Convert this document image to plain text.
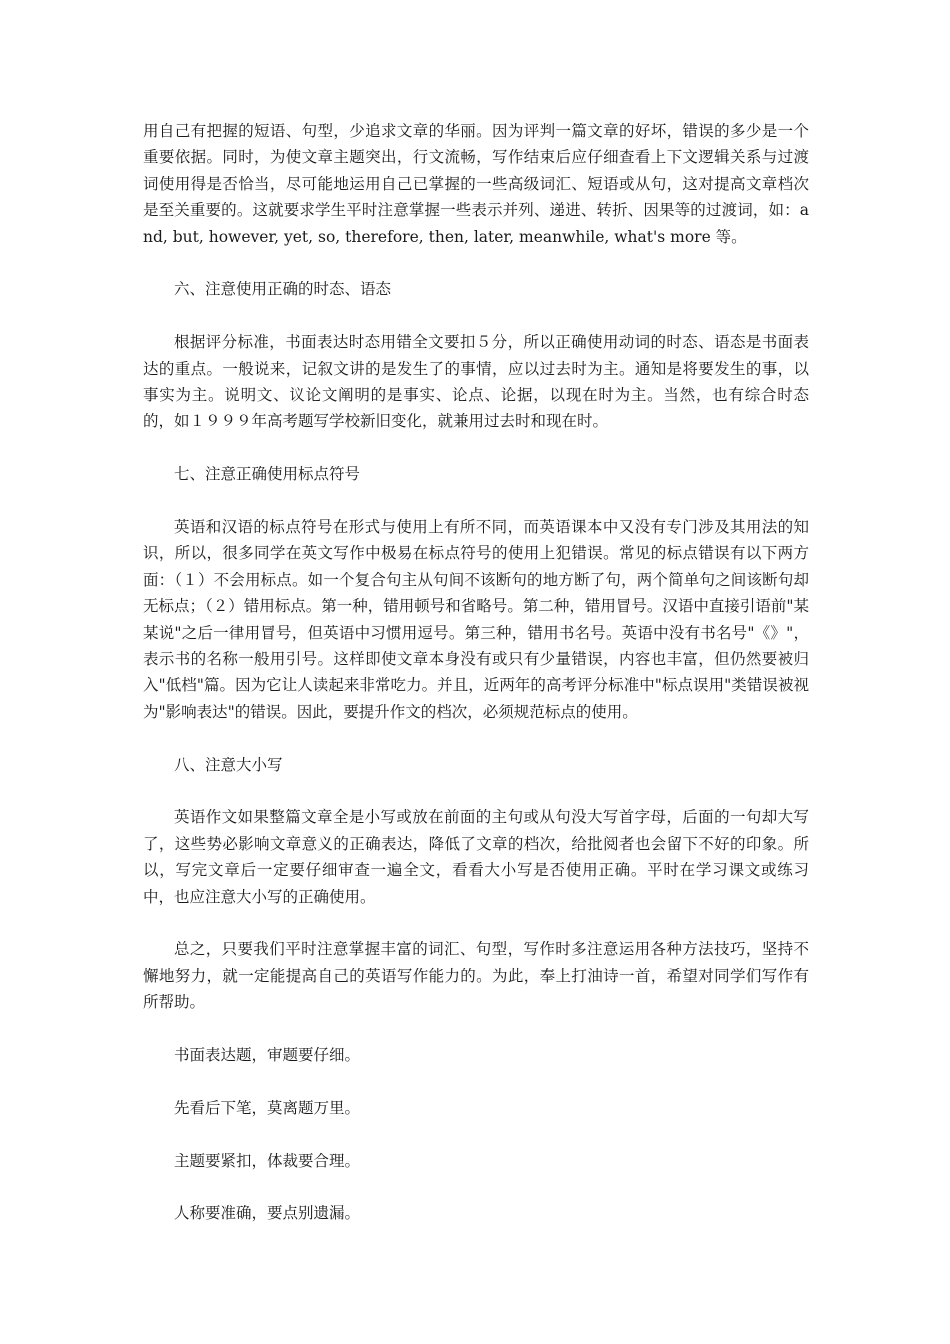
用自己有把握的短语、句型，少追求文章的华丽。因为评判一篇文章的好坏，错误的多少是一个重要依据。同时，为使文章主题突出，行文流畅，写作结束后应仔细查看上下文逻辑关系与过渡词使用得是否恰当，尽可能地运用自己已掌握的一些高级词汇、短语或从句，这对提高文章档次是至关重要的。这就要求学生平时注意掌握一些表示并列、递进、转折、因果等的过渡词，如：and, but, however, yet, so, therefore, then, later, meanwhile, what's more 等。

六、注意使用正确的时态、语态

根据评分标准，书面表达时态用错全文要扣５分，所以正确使用动词的时态、语态是书面表达的重点。一般说来，记叙文讲的是发生了的事情，应以过去时为主。通知是将要发生的事，以事实为主。说明文、议论文阐明的是事实、论点、论据，以现在时为主。当然，也有综合时态的，如１９９９年高考题写学校新旧变化，就兼用过去时和现在时。

七、注意正确使用标点符号

英语和汉语的标点符号在形式与使用上有所不同，而英语课本中又没有专门涉及其用法的知识，所以，很多同学在英文写作中极易在标点符号的使用上犯错误。常见的标点错误有以下两方面：（１）不会用标点。如一个复合句主从句间不该断句的地方断了句，两个简单句之间该断句却无标点；（２）错用标点。第一种，错用顿号和省略号。第二种，错用冒号。汉语中直接引语前"某某说"之后一律用冒号，但英语中习惯用逗号。第三种，错用书名号。英语中没有书名号"《》"，表示书的名称一般用引号。这样即使文章本身没有或只有少量错误，内容也丰富，但仍然要被归入"低档"篇。因为它让人读起来非常吃力。并且，近两年的高考评分标准中"标点误用"类错误被视为"影响表达"的错误。因此，要提升作文的档次，必须规范标点的使用。

八、注意大小写

英语作文如果整篇文章全是小写或放在前面的主句或从句没大写首字母，后面的一句却大写了，这些势必影响文章意义的正确表达，降低了文章的档次，给批阅者也会留下不好的印象。所以，写完文章后一定要仔细审查一遍全文，看看大小写是否使用正确。平时在学习课文或练习中，也应注意大小写的正确使用。

总之，只要我们平时注意掌握丰富的词汇、句型，写作时多注意运用各种方法技巧，坚持不懈地努力，就一定能提高自己的英语写作能力的。为此，奉上打油诗一首，希望对同学们写作有所帮助。

书面表达题，审题要仔细。

先看后下笔，莫离题万里。

主题要紧扣，体裁要合理。

人称要准确，要点别遗漏。
